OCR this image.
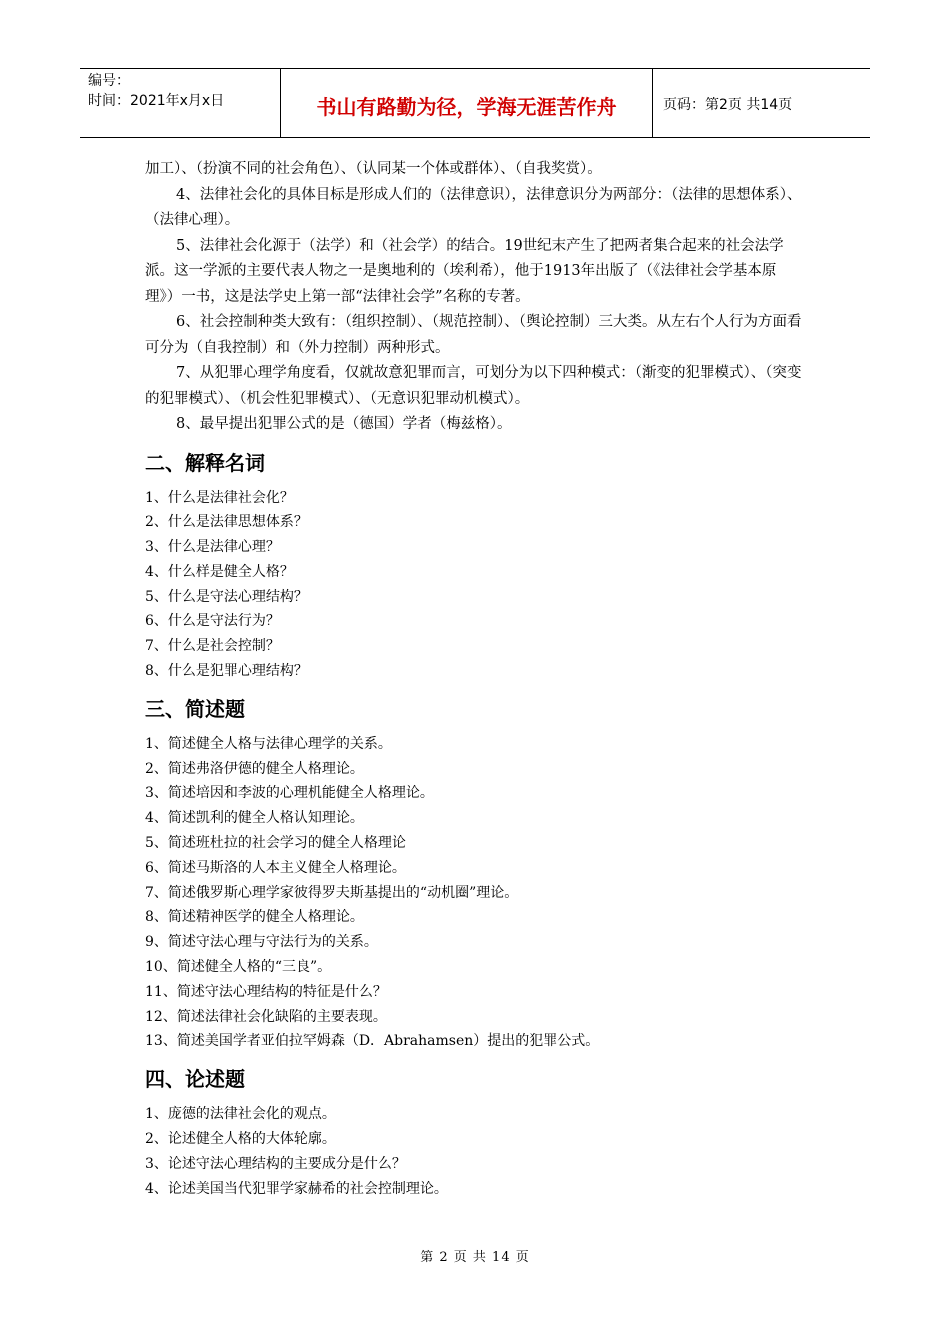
编号：
时间：2021年x月x日	书山有路勤为径，学海无涯苦作舟	页码：第2页 共14页

加工）、（扮演不同的社会角色）、（认同某一个体或群体）、（自我奖赏）。

4、法律社会化的具体目标是形成人们的（法律意识），法律意识分为两部分：（法律的思想体系）、（法律心理）。

5、法律社会化源于（法学）和（社会学）的结合。19世纪末产生了把两者集合起来的社会法学派。这一学派的主要代表人物之一是奥地利的（埃利希），他于1913年出版了（《法律社会学基本原理》）一书，这是法学史上第一部“法律社会学”名称的专著。

6、社会控制种类大致有：（组织控制）、（规范控制）、（舆论控制）三大类。从左右个人行为方面看可分为（自我控制）和（外力控制）两种形式。

7、从犯罪心理学角度看，仅就故意犯罪而言，可划分为以下四种模式：（渐变的犯罪模式）、（突变的犯罪模式）、（机会性犯罪模式）、（无意识犯罪动机模式）。

8、最早提出犯罪公式的是（德国）学者（梅兹格）。

二、解释名词

1、什么是法律社会化？

2、什么是法律思想体系？

3、什么是法律心理？

4、什么样是健全人格？

5、什么是守法心理结构？

6、什么是守法行为？

7、什么是社会控制？

8、什么是犯罪心理结构？

三、简述题

1、简述健全人格与法律心理学的关系。

2、简述弗洛伊德的健全人格理论。

3、简述培因和李波的心理机能健全人格理论。

4、简述凯利的健全人格认知理论。

5、简述班杜拉的社会学习的健全人格理论

6、简述马斯洛的人本主义健全人格理论。

7、简述俄罗斯心理学家彼得罗夫斯基提出的“动机圈”理论。

8、简述精神医学的健全人格理论。

9、简述守法心理与守法行为的关系。

10、简述健全人格的“三良”。

11、简述守法心理结构的特征是什么？

12、简述法律社会化缺陷的主要表现。

13、简述美国学者亚伯拉罕姆森（D．Abrahamsen）提出的犯罪公式。

四、论述题

1、庞德的法律社会化的观点。

2、论述健全人格的大体轮廓。

3、论述守法心理结构的主要成分是什么？

4、论述美国当代犯罪学家赫希的社会控制理论。

第 2 页 共 14 页
